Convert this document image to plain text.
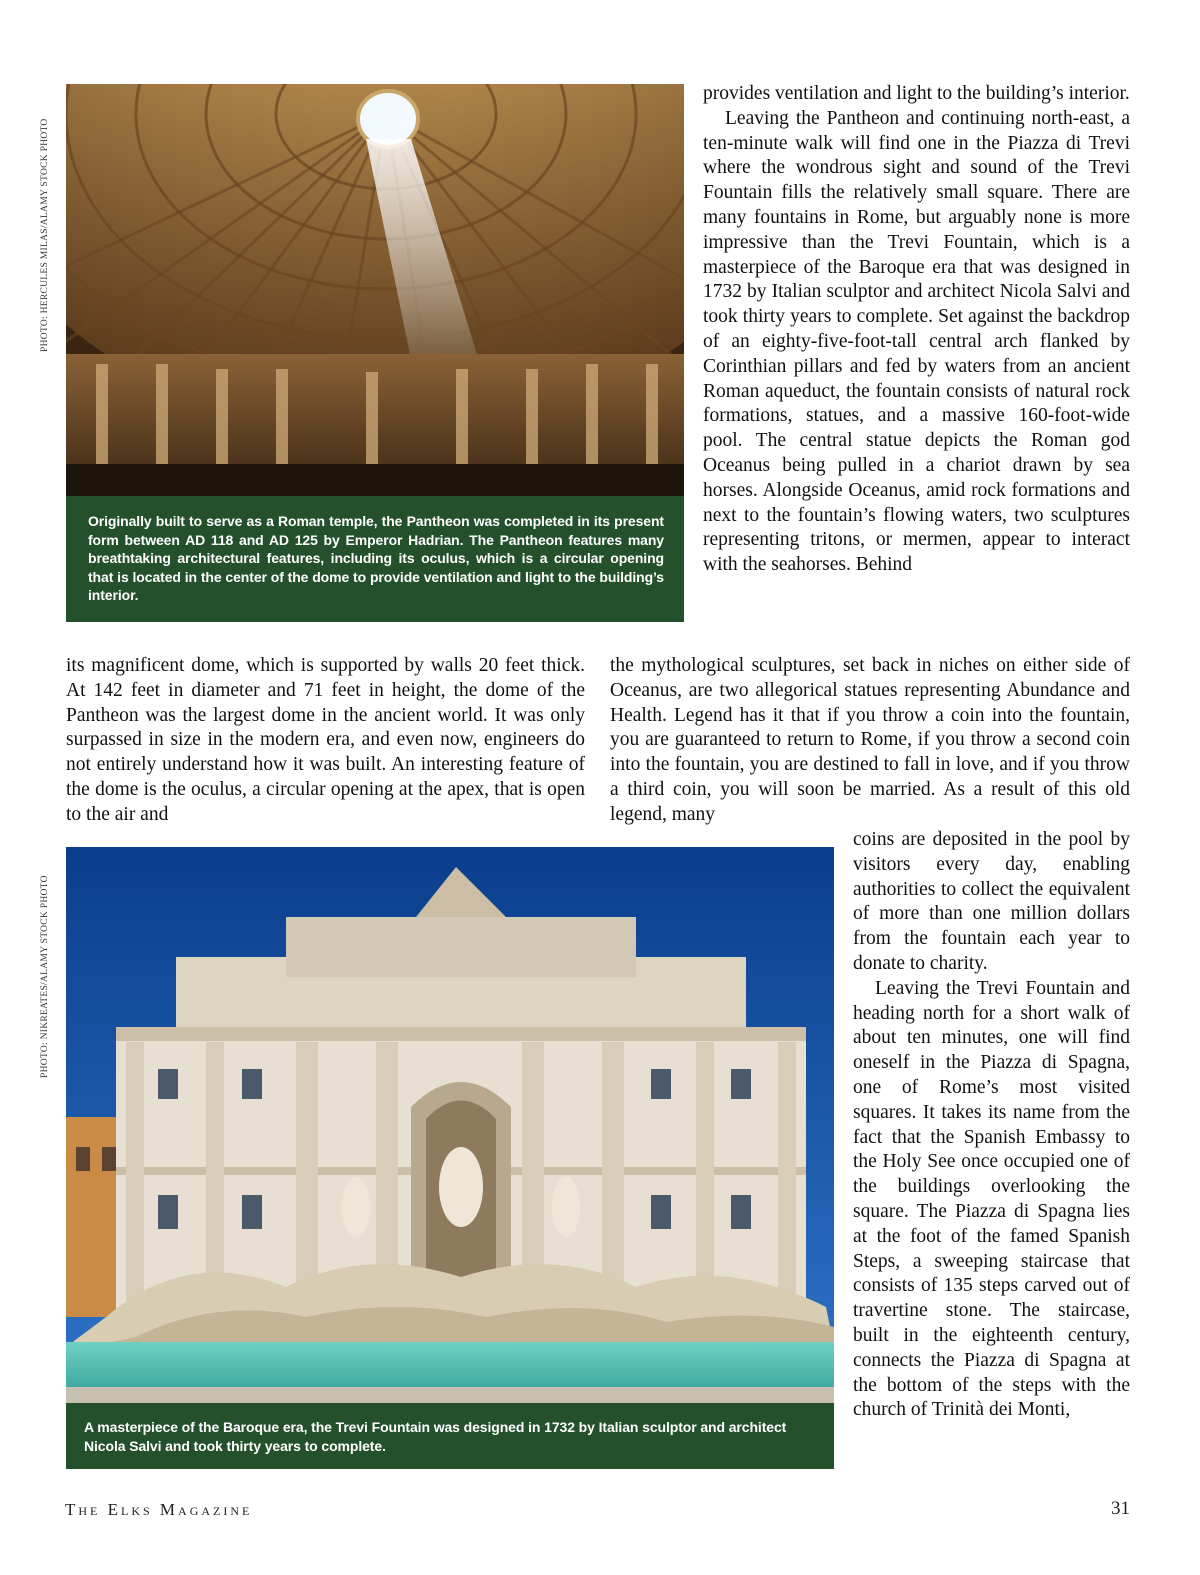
PHOTO: HERCULES MILAS/ALAMY STOCK PHOTO
Originally built to serve as a Roman temple, the Pantheon was completed in its present form between AD 118 and AD 125 by Emperor Hadrian. The Pantheon features many breathtaking architectural features, including its oculus, which is a circular opening that is located in the center of the dome to provide ventilation and light to the building’s interior.

provides ventilation and light to the building’s interior.

Leaving the Pantheon and continuing north-east, a ten-minute walk will find one in the Piazza di Trevi where the wondrous sight and sound of the Trevi Fountain fills the relatively small square. There are many fountains in Rome, but arguably none is more impressive than the Trevi Fountain, which is a masterpiece of the Baroque era that was designed in 1732 by Italian sculptor and architect Nicola Salvi and took thirty years to complete. Set against the backdrop of an eighty-five-foot-tall central arch flanked by Corinthian pillars and fed by waters from an ancient Roman aqueduct, the fountain consists of natural rock formations, statues, and a massive 160-foot-wide pool. The central statue depicts the Roman god Oceanus being pulled in a chariot drawn by sea horses. Alongside Oceanus, amid rock formations and next to the fountain’s flowing waters, two sculptures representing tritons, or mermen, appear to interact with the seahorses. Behind

its magnificent dome, which is supported by walls 20 feet thick. At 142 feet in diameter and 71 feet in height, the dome of the Pantheon was the largest dome in the ancient world. It was only surpassed in size in the modern era, and even now, engineers do not entirely understand how it was built. An interesting feature of the dome is the oculus, a circular opening at the apex, that is open to the air and

the mythological sculptures, set back in niches on either side of Oceanus, are two allegorical statues representing Abundance and Health. Legend has it that if you throw a coin into the fountain, you are guaranteed to return to Rome, if you throw a second coin into the fountain, you are destined to fall in love, and if you throw a third coin, you will soon be married. As a result of this old legend, many

PHOTO: NIKREATES/ALAMY STOCK PHOTO
A masterpiece of the Baroque era, the Trevi Fountain was designed in 1732 by Italian sculptor and architect Nicola Salvi and took thirty years to complete.

coins are deposited in the pool by visitors every day, enabling authorities to collect the equivalent of more than one million dollars from the fountain each year to donate to charity.

Leaving the Trevi Fountain and heading north for a short walk of about ten minutes, one will find oneself in the Piazza di Spagna, one of Rome’s most visited squares. It takes its name from the fact that the Spanish Embassy to the Holy See once occupied one of the buildings overlooking the square. The Piazza di Spagna lies at the foot of the famed Spanish Steps, a sweeping staircase that consists of 135 steps carved out of travertine stone. The staircase, built in the eighteenth century, connects the Piazza di Spagna at the bottom of the steps with the church of Trinità dei Monti,

The Elks Magazine	31
